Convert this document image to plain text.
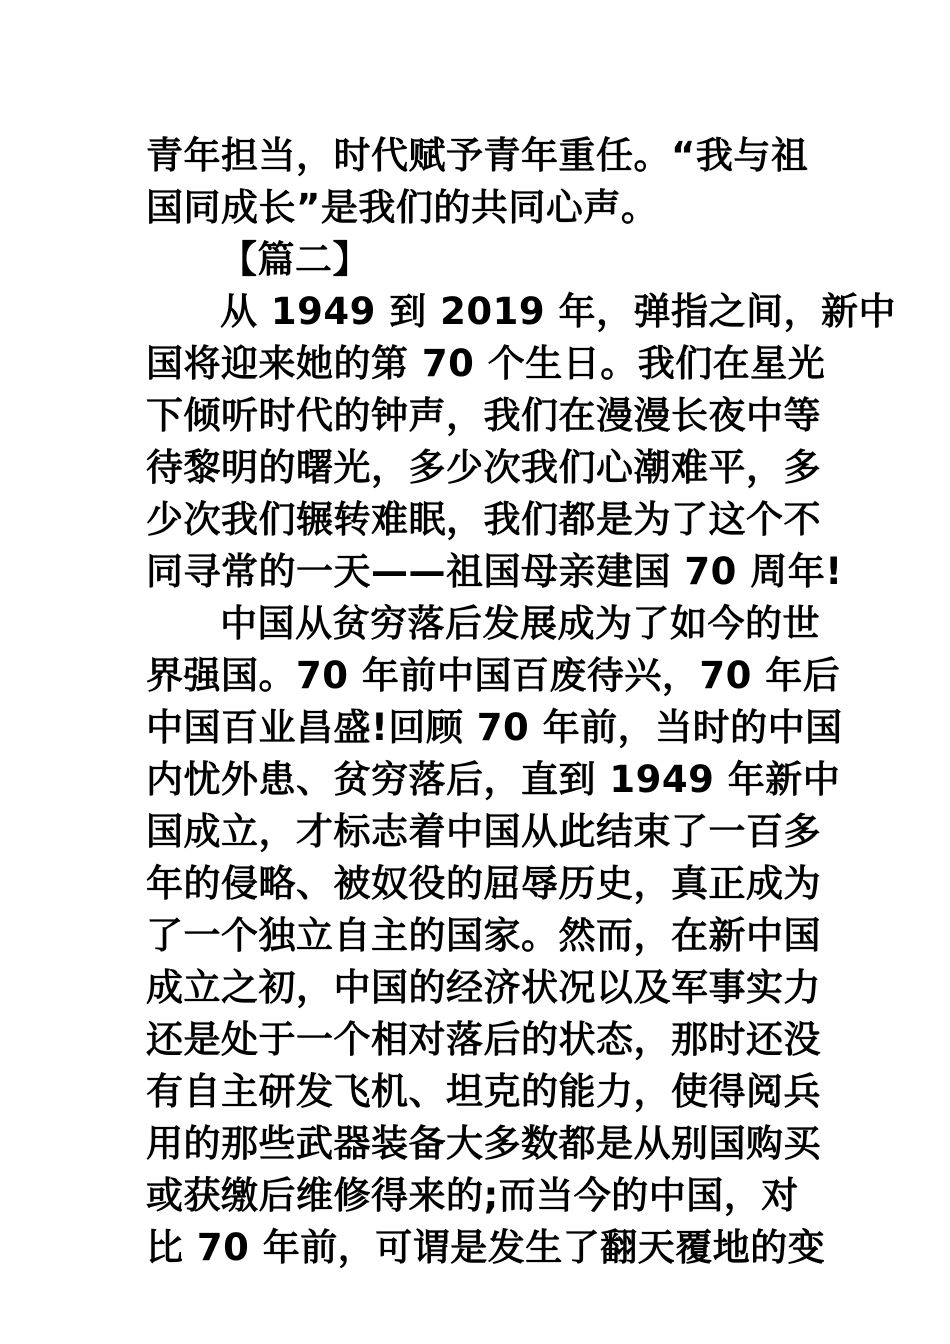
青年担当，时代赋予青年重任。“我与祖
国同成长”是我们的共同心声。
【篇二】
从 1949 到 2019 年，弹指之间，新中
国将迎来她的第 70 个生日。我们在星光
下倾听时代的钟声，我们在漫漫长夜中等
待黎明的曙光，多少次我们心潮难平，多
少次我们辗转难眠，我们都是为了这个不
同寻常的一天——祖国母亲建国 70 周年!
中国从贫穷落后发展成为了如今的世
界强国。70 年前中国百废待兴，70 年后
中国百业昌盛!回顾 70 年前，当时的中国
内忧外患、贫穷落后，直到 1949 年新中
国成立，才标志着中国从此结束了一百多
年的侵略、被奴役的屈辱历史，真正成为
了一个独立自主的国家。然而，在新中国
成立之初，中国的经济状况以及军事实力
还是处于一个相对落后的状态，那时还没
有自主研发飞机、坦克的能力，使得阅兵
用的那些武器装备大多数都是从别国购买
或获缴后维修得来的;而当今的中国，对
比 70 年前，可谓是发生了翻天覆地的变
